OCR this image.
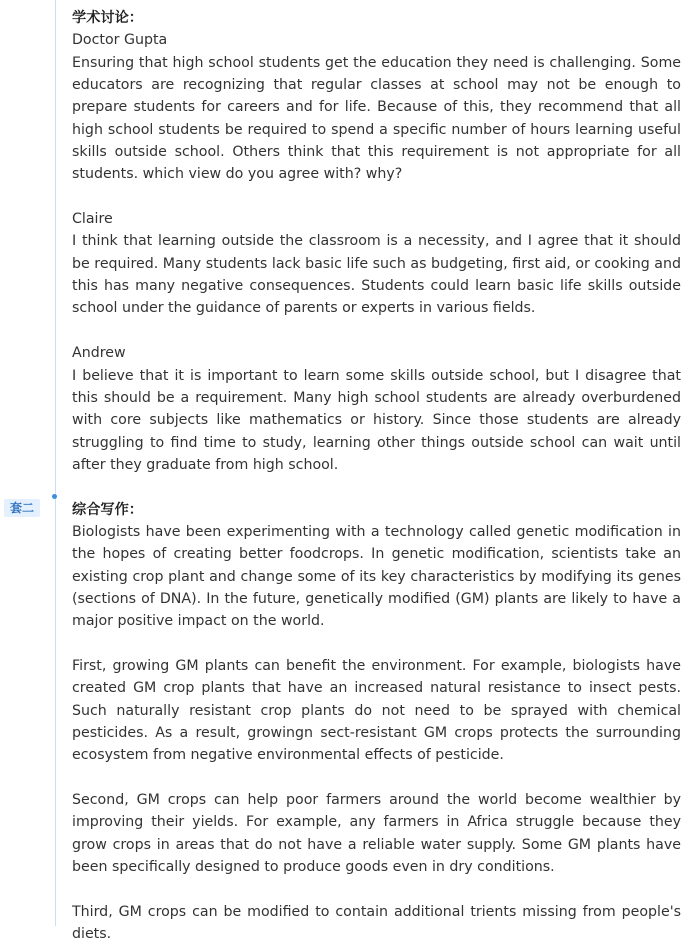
套二
学术讨论：
Doctor Gupta

Ensuring that high school students get the education they need is challenging. Some educators are recognizing that regular classes at school may not be enough to prepare students for careers and for life. Because of this, they recommend that all high school students be required to spend a specific number of hours learning useful skills outside school. Others think that this requirement is not appropriate for all students. which view do you agree with? why?

Claire

I think that learning outside the classroom is a necessity, and I agree that it should be required. Many students lack basic life such as budgeting, first aid, or cooking and this has many negative consequences. Students could learn basic life skills outside school under the guidance of parents or experts in various fields.

Andrew

I believe that it is important to learn some skills outside school, but I disagree that this should be a requirement. Many high school students are already overburdened with core subjects like mathematics or history. Since those students are already struggling to find time to study, learning other things outside school can wait until after they graduate from high school.

综合写作：

Biologists have been experimenting with a technology called genetic modification in the hopes of creating better foodcrops. In genetic modification, scientists take an existing crop plant and change some of its key characteristics by modifying its genes (sections of DNA). In the future, genetically modified (GM) plants are likely to have a major positive impact on the world.

First, growing GM plants can benefit the environment. For example, biologists have created GM crop plants that have an increased natural resistance to insect pests. Such naturally resistant crop plants do not need to be sprayed with chemical pesticides. As a result, growingn sect-resistant GM crops protects the surrounding ecosystem from negative environmental effects of pesticide.

Second, GM crops can help poor farmers around the world become wealthier by improving their yields. For example, any farmers in Africa struggle because they grow crops in areas that do not have a reliable water supply. Some GM plants have been specifically designed to produce goods even in dry conditions.

Third, GM crops can be modified to contain additional trients missing from people's diets.
